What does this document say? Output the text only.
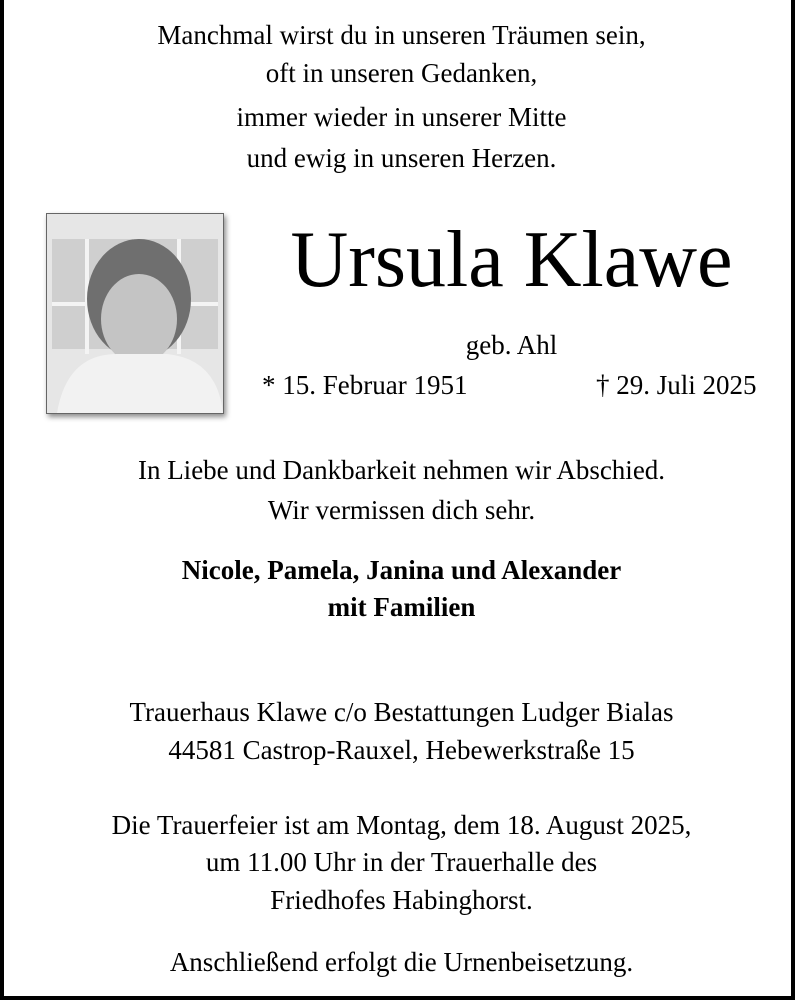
Manchmal wirst du in unseren Träumen sein,
oft in unseren Gedanken,
immer wieder in unserer Mitte
und ewig in unseren Herzen.
Ursula Klawe
geb. Ahl
* 15. Februar 1951	† 29. Juli 2025
In Liebe und Dankbarkeit nehmen wir Abschied.
Wir vermissen dich sehr.
Nicole, Pamela, Janina und Alexander
mit Familien
Trauerhaus Klawe c/o Bestattungen Ludger Bialas
44581 Castrop-Rauxel, Hebewerkstraße 15
Die Trauerfeier ist am Montag, dem 18. August 2025,
um 11.00 Uhr in der Trauerhalle des
Friedhofes Habinghorst.
Anschließend erfolgt die Urnenbeisetzung.
